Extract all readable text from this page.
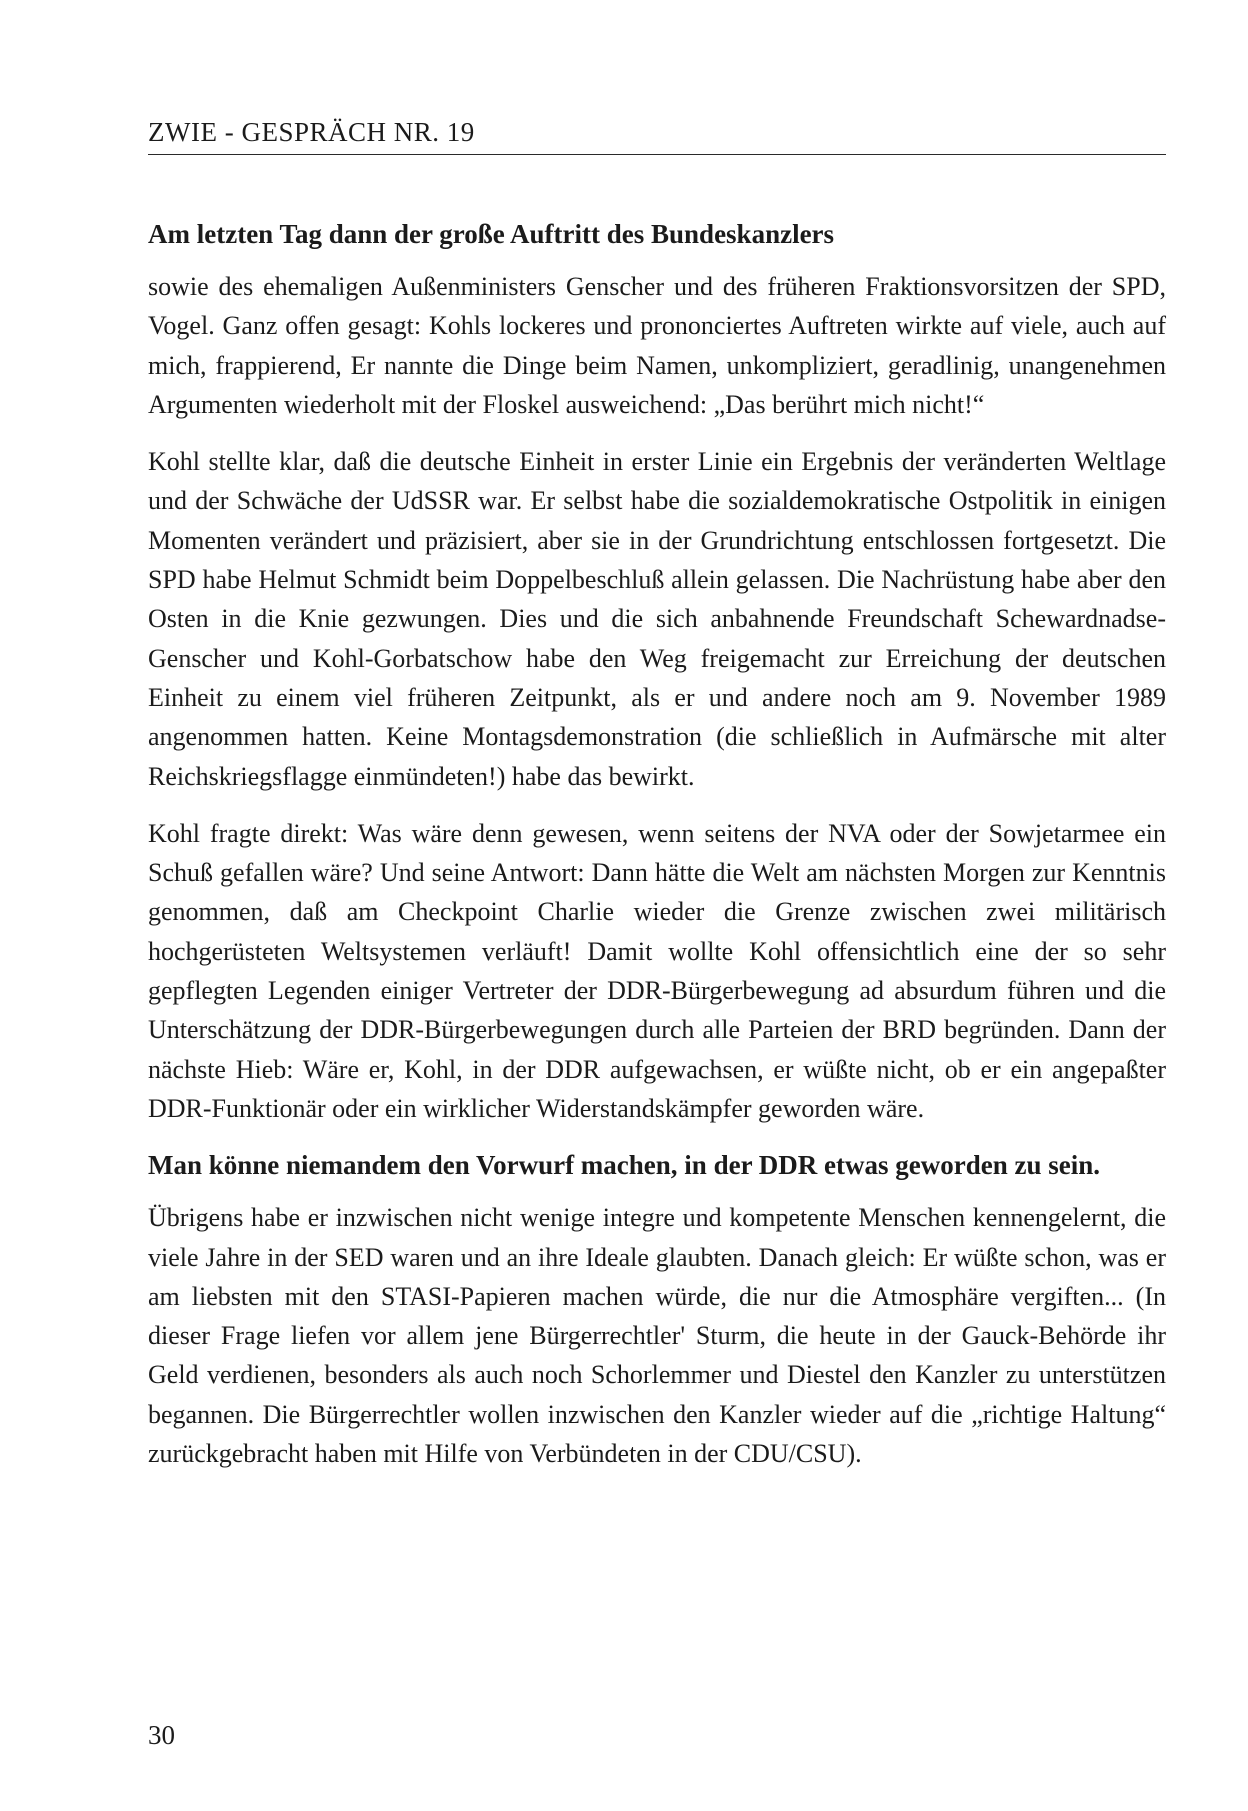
ZWIE - GESPRÄCH NR. 19
Am letzten Tag dann der große Auftritt des Bundeskanzlers

sowie des ehemaligen Außenministers Genscher und des früheren Fraktionsvorsitzen der SPD, Vogel. Ganz offen gesagt: Kohls lockeres und prononciertes Auftreten wirkte auf viele, auch auf mich, frappierend, Er nannte die Dinge beim Namen, unkompliziert, geradlinig, unangenehmen Argumenten wiederholt mit der Floskel ausweichend: „Das berührt mich nicht!“

Kohl stellte klar, daß die deutsche Einheit in erster Linie ein Ergebnis der veränderten Weltlage und der Schwäche der UdSSR war. Er selbst habe die sozialdemokratische Ostpolitik in einigen Momenten verändert und präzisiert, aber sie in der Grundrichtung entschlossen fortgesetzt. Die SPD habe Helmut Schmidt beim Doppelbeschluß allein gelassen. Die Nachrüstung habe aber den Osten in die Knie gezwungen. Dies und die sich anbahnende Freundschaft Schewardnadse-Genscher und Kohl-Gorbatschow habe den Weg freigemacht zur Erreichung der deutschen Einheit zu einem viel früheren Zeitpunkt, als er und andere noch am 9. November 1989 angenommen hatten. Keine Montagsdemonstration (die schließlich in Aufmärsche mit alter Reichskriegsflagge einmündeten!) habe das bewirkt.

Kohl fragte direkt: Was wäre denn gewesen, wenn seitens der NVA oder der Sowjetarmee ein Schuß gefallen wäre? Und seine Antwort: Dann hätte die Welt am nächsten Morgen zur Kenntnis genommen, daß am Checkpoint Charlie wieder die Grenze zwischen zwei militärisch hochgerüsteten Weltsystemen verläuft! Damit wollte Kohl offensichtlich eine der so sehr gepflegten Legenden einiger Vertreter der DDR-Bürgerbewegung ad absurdum führen und die Unterschätzung der DDR-Bürgerbewegungen durch alle Parteien der BRD begründen. Dann der nächste Hieb: Wäre er, Kohl, in der DDR aufgewachsen, er wüßte nicht, ob er ein angepaßter DDR-Funktionär oder ein wirklicher Widerstandskämpfer geworden wäre.

Man könne niemandem den Vorwurf machen, in der DDR etwas geworden zu sein.

Übrigens habe er inzwischen nicht wenige integre und kompetente Menschen kennengelernt, die viele Jahre in der SED waren und an ihre Ideale glaubten. Danach gleich: Er wüßte schon, was er am liebsten mit den STASI-Papieren machen würde, die nur die Atmosphäre vergiften... (In dieser Frage liefen vor allem jene Bürgerrechtler' Sturm, die heute in der Gauck-Behörde ihr Geld verdienen, besonders als auch noch Schorlemmer und Diestel den Kanzler zu unterstützen begannen. Die Bürgerrechtler wollen inzwischen den Kanzler wieder auf die „richtige Haltung“ zurückgebracht haben mit Hilfe von Verbündeten in der CDU/CSU).

30
